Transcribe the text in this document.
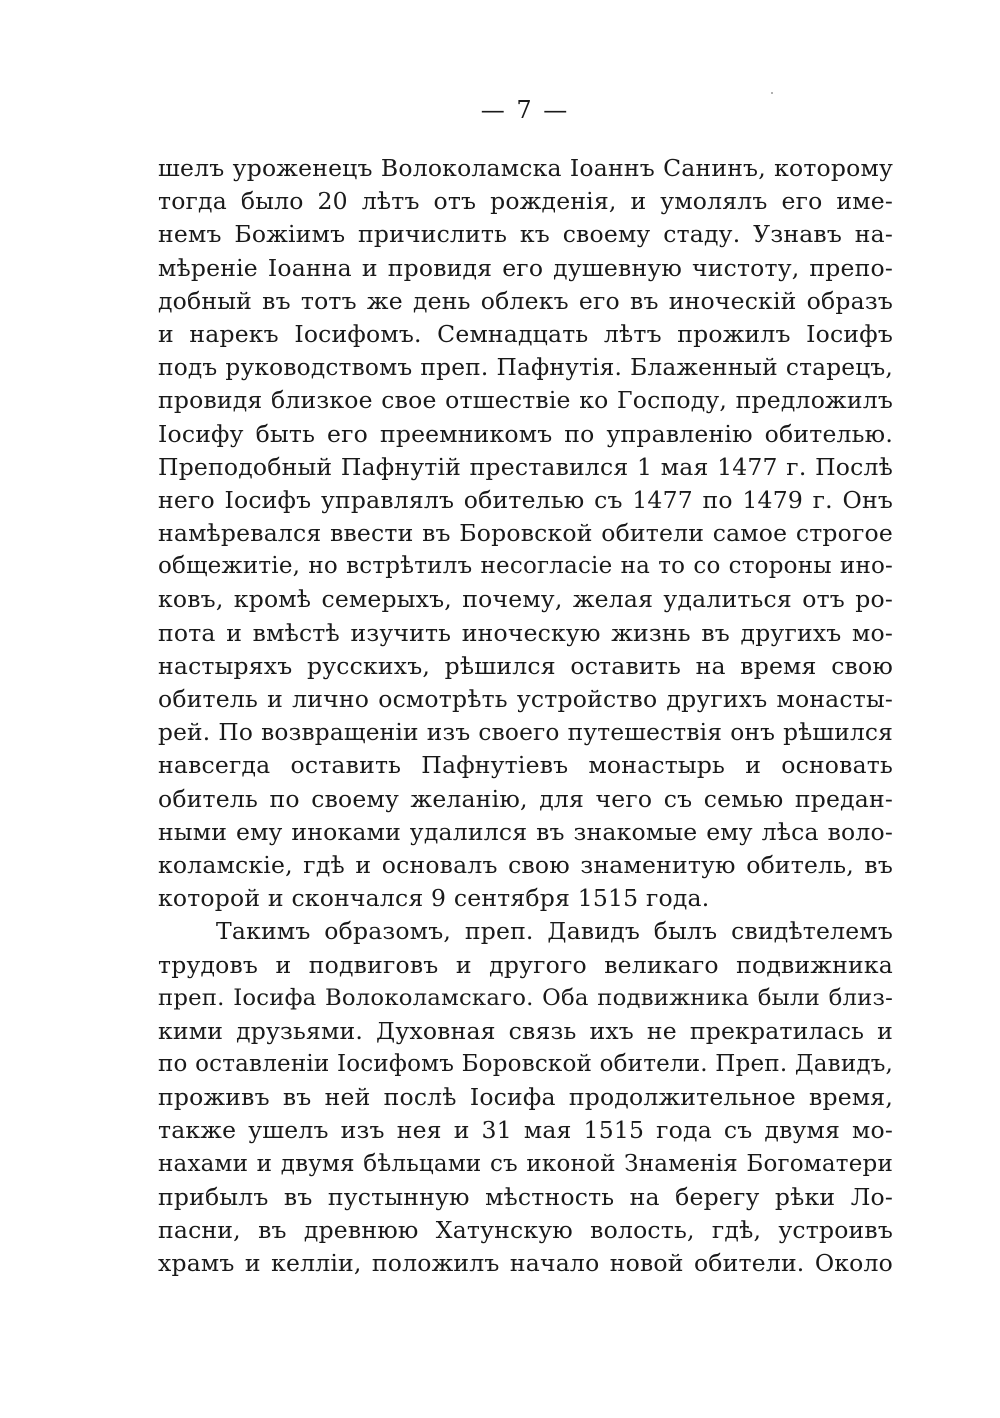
— 7 —
шелъ уроженецъ Волоколамска Іоаннъ Санинъ, которому
тогда было 20 лѣтъ отъ рожденія, и умолялъ его име-
немъ Божіимъ причислить къ своему стаду. Узнавъ на-
мѣреніе Іоанна и провидя его душевную чистоту, препо-
добный въ тотъ же день облекъ его въ иноческій образъ
и нарекъ Іосифомъ. Семнадцать лѣтъ прожилъ Іосифъ
подъ руководствомъ преп. Пафнутія. Блаженный старецъ,
провидя близкое свое отшествіе ко Господу, предложилъ
Іосифу быть его преемникомъ по управленію обителью.
Преподобный Пафнутій преставился 1 мая 1477 г. Послѣ
него Іосифъ управлялъ обителью съ 1477 по 1479 г. Онъ
намѣревался ввести въ Боровской обители самое строгое
общежитіе, но встрѣтилъ несогласіе на то со стороны ино-
ковъ, кромѣ семерыхъ, почему, желая удалиться отъ ро-
пота и вмѣстѣ изучить иноческую жизнь въ другихъ мо-
настыряхъ русскихъ, рѣшился оставить на время свою
обитель и лично осмотрѣть устройство другихъ монасты-
рей. По возвращеніи изъ своего путешествія онъ рѣшился
навсегда оставить Пафнутіевъ монастырь и основать
обитель по своему желанію, для чего съ семью предан-
ными ему иноками удалился въ знакомые ему лѣса воло-
коламскіе, гдѣ и основалъ свою знаменитую обитель, въ
которой и скончался 9 сентября 1515 года.
Такимъ образомъ, преп. Давидъ былъ свидѣтелемъ
трудовъ и подвиговъ и другого великаго подвижника
преп. Іосифа Волоколамскаго. Оба подвижника были близ-
кими друзьями. Духовная связь ихъ не прекратилась и
по оставленіи Іосифомъ Боровской обители. Преп. Давидъ,
проживъ въ ней послѣ Іосифа продолжительное время,
также ушелъ изъ нея и 31 мая 1515 года съ двумя мо-
нахами и двумя бѣльцами съ иконой Знаменія Богоматери
прибылъ въ пустынную мѣстность на берегу рѣки Ло-
пасни, въ древнюю Хатунскую волость, гдѣ, устроивъ
храмъ и келліи, положилъ начало новой обители. Около
